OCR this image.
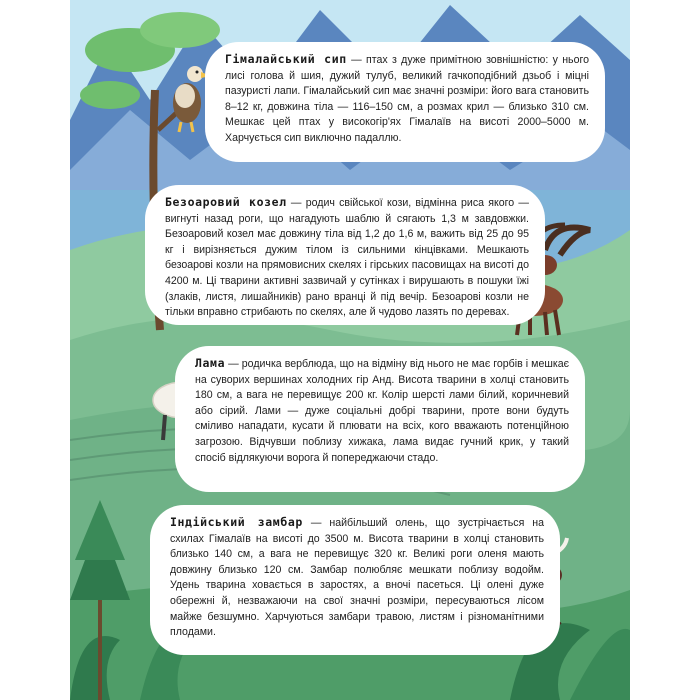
Гімалайський сип — птах з дуже примітною зовнішністю: у нього лисі голова й шия, дужий тулуб, великий гачкоподібний дзьоб і міцні пазуристі лапи. Гімалайський сип має значні розміри: його вага становить 8–12 кг, довжина тіла — 116–150 см, а розмах крил — близько 310 см. Мешкає цей птах у високогір'ях Гімалаїв на висоті 2000–5000 м. Харчується сип виключно падаллю.

Безоаровий козел — родич свійської кози, відмінна риса якого — вигнуті назад роги, що нагадують шаблю й сягають 1,3 м завдовжки. Безоаровий козел має довжину тіла від 1,2 до 1,6 м, важить від 25 до 95 кг і вирізняється дужим тілом із сильними кінцівками. Мешкають безоарові козли на прямовисних скелях і гірських пасовищах на висоті до 4200 м. Ці тварини активні зазвичай у сутінках і вирушають в пошуки їжі (злаків, листя, лишайників) рано вранці й під вечір. Безоарові козли не тільки вправно стрибають по скелях, але й чудово лазять по деревах.

Лама — родичка верблюда, що на відміну від нього не має горбів і мешкає на суворих вершинах холодних гір Анд. Висота тварини в холці становить 180 см, а вага не перевищує 200 кг. Колір шерсті лами білий, коричневий або сірий. Лами — дуже соціальні добрі тварини, проте вони будуть сміливо нападати, кусати й плювати на всіх, кого вважають потенційною загрозою. Відчувши поблизу хижака, лама видає гучний крик, у такий спосіб відлякуючи ворога й попереджаючи стадо.

Індійський замбар — найбільший олень, що зустрічається на схилах Гімалаїв на висоті до 3500 м. Висота тварини в холці становить близько 140 см, а вага не перевищує 320 кг. Великі роги оленя мають довжину близько 120 см. Замбар полюбляє мешкати поблизу водойм. Удень тварина ховається в заростях, а вночі пасеться. Ці олені дуже обережні й, незважаючи на свої значні розміри, пересуваються лісом майже безшумно. Харчуються замбари травою, листям і різноманітними плодами.
